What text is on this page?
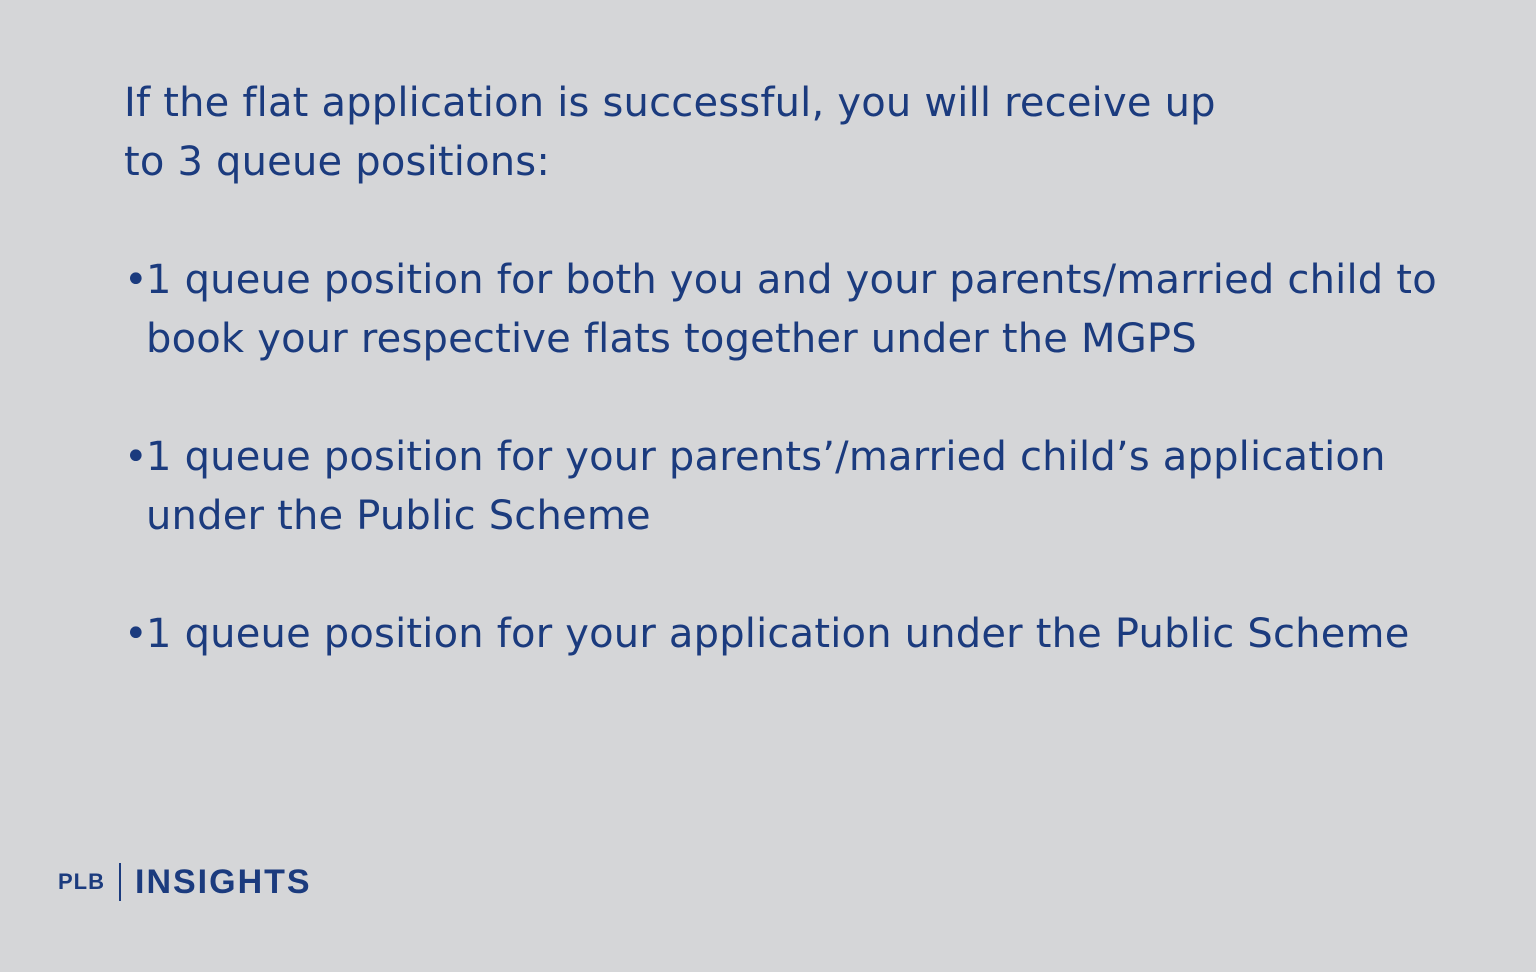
If the flat application is successful, you will receive up
to 3 queue positions:

•
1 queue position for both you and your parents/married child to book your respective flats together under the MGPS
•
1 queue position for your parents’/married child’s application under the Public Scheme
•
1 queue position for your application under the Public Scheme
PLB INSIGHTS
